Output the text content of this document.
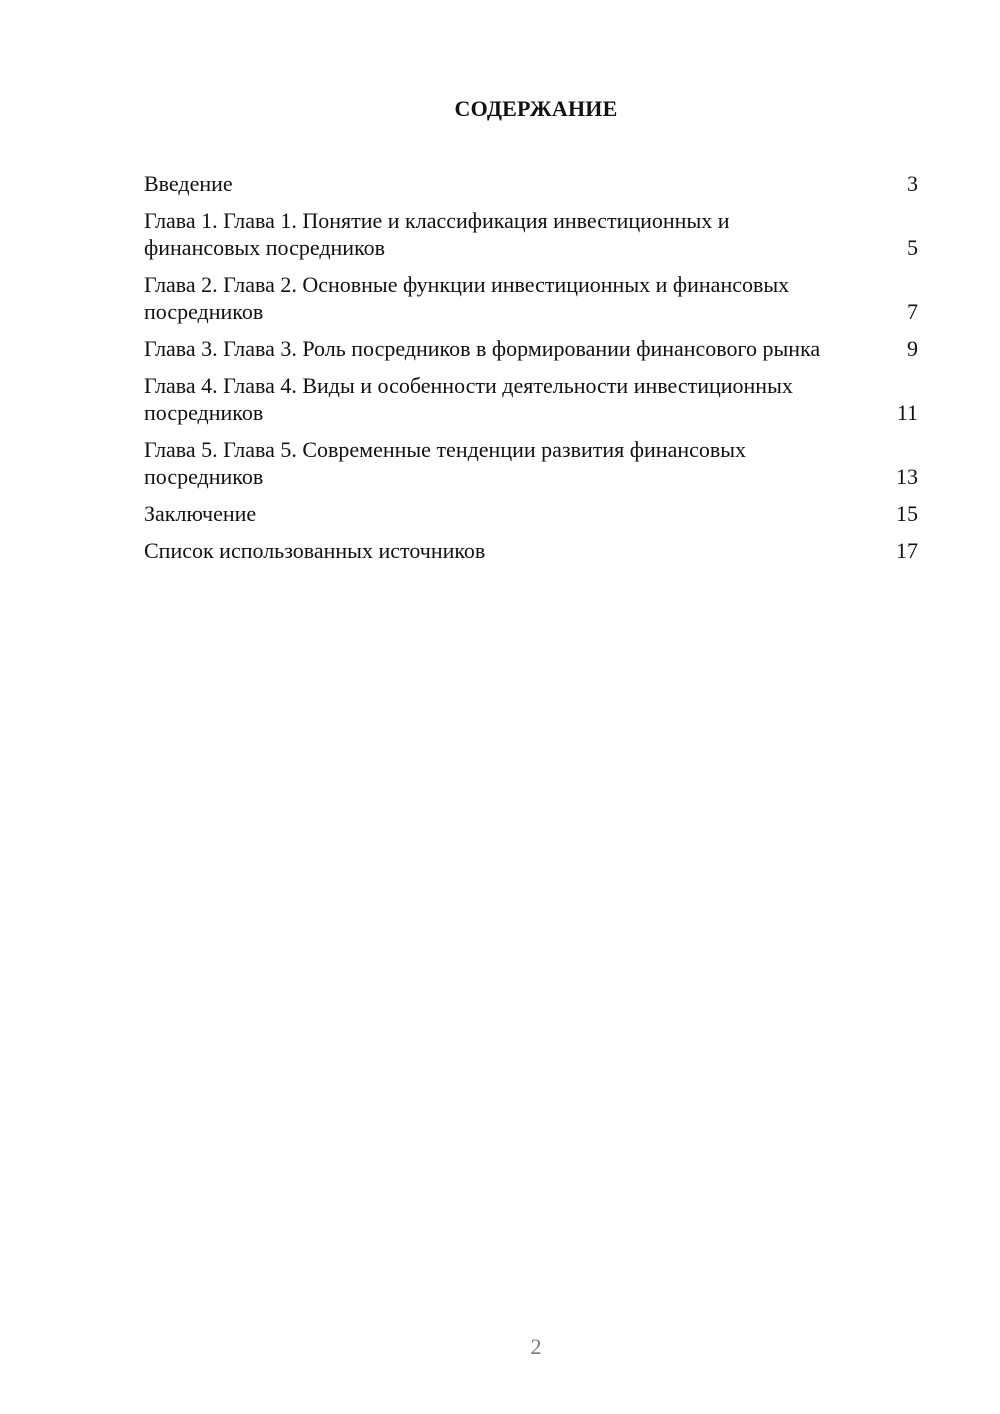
СОДЕРЖАНИЕ
Введение	3
Глава 1. Глава 1. Понятие и классификация инвестиционных и финансовых посредников	5
Глава 2. Глава 2. Основные функции инвестиционных и финансовых посредников	7
Глава 3. Глава 3. Роль посредников в формировании финансового рынка	9
Глава 4. Глава 4. Виды и особенности деятельности инвестиционных посредников	11
Глава 5. Глава 5. Современные тенденции развития финансовых посредников	13
Заключение	15
Список использованных источников	17
2
